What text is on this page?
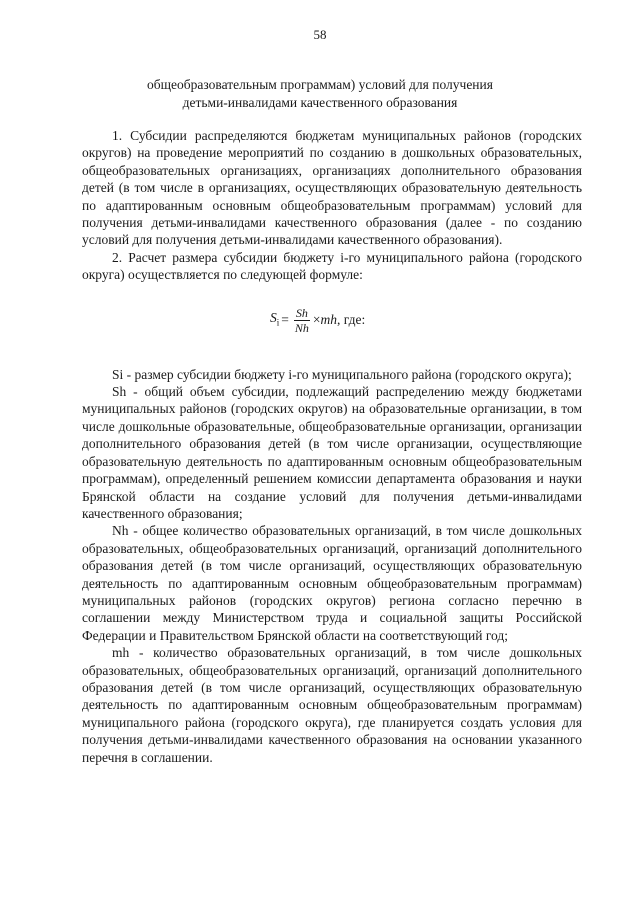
58
общеобразовательным программам) условий для получения
детьми-инвалидами качественного образования

1. Субсидии распределяются бюджетам муниципальных районов (городских округов) на проведение мероприятий по созданию в дошкольных образовательных, общеобразовательных организациях, организациях дополнительного образования детей (в том числе в организациях, осуществляющих образовательную деятельность по адаптированным основным общеобразовательным программам) условий для получения детьми-инвалидами качественного образования (далее - по созданию условий для получения детьми-инвалидами качественного образования).

2. Расчет размера субсидии бюджету i-го муниципального района (городского округа) осуществляется по следующей формуле:

$S_i = \frac{Sh}{Nh}$ × mh , где:

Si - размер субсидии бюджету i-го муниципального района (городского округа);

Sh - общий объем субсидии, подлежащий распределению между бюджетами муниципальных районов (городских округов) на образовательные организации, в том числе дошкольные образовательные, общеобразовательные организации, организации дополнительного образования детей (в том числе организации, осуществляющие образовательную деятельность по адаптированным основным общеобразовательным программам), определенный решением комиссии департамента образования и науки Брянской области на создание условий для получения детьми-инвалидами качественного образования;

Nh - общее количество образовательных организаций, в том числе дошкольных образовательных, общеобразовательных организаций, организаций дополнительного образования детей (в том числе организаций, осуществляющих образовательную деятельность по адаптированным основным общеобразовательным программам) муниципальных районов (городских округов) региона согласно перечню в соглашении между Министерством труда и социальной защиты Российской Федерации и Правительством Брянской области на соответствующий год;

mh - количество образовательных организаций, в том числе дошкольных образовательных, общеобразовательных организаций, организаций дополнительного образования детей (в том числе организаций, осуществляющих образовательную деятельность по адаптированным основным общеобразовательным программам) муниципального района (городского округа), где планируется создать условия для получения детьми-инвалидами качественного образования на основании указанного перечня в соглашении.
